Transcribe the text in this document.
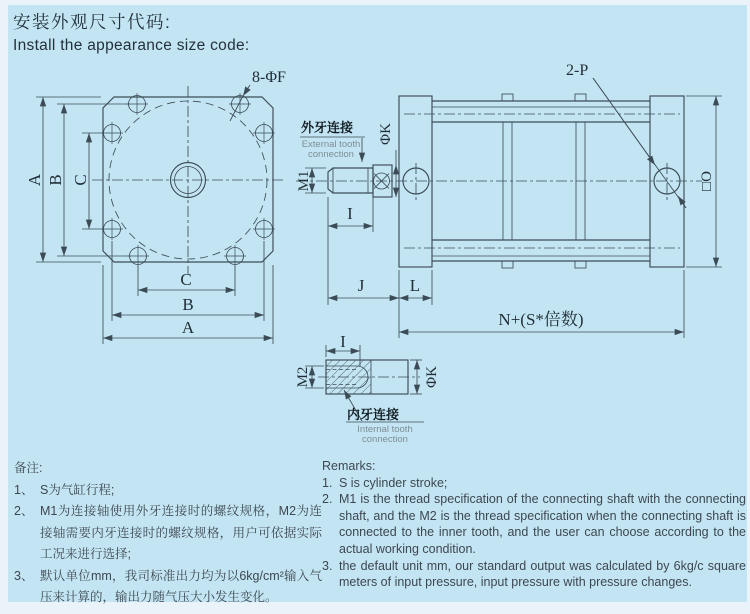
安装外观尺寸代码:
Install the appearance size code:
A B C
C
B
A
8-ΦF	2-P
外牙连接
External tooth
connection
M1
ΦK
I
J	L
N+(S*倍数)
□O
I
M2	ΦK
内牙连接
Internal tooth
connection
备注:
1、 S为气缸行程;
2、 M1为连接轴使用外牙连接时的螺纹规格，M2为连接轴需要内牙连接时的螺纹规格，用户可依据实际工况来进行选择;
3、 默认单位mm，我司标准出力均为以6kg/cm²输入气压来计算的，输出力随气压大小发生变化。
Remarks:
1. S is cylinder stroke;
2. M1 is the thread specification of the connecting shaft with the connecting shaft, and the M2 is the thread specification when the connecting shaft is connected to the inner tooth, and the user can choose according to the actual working condition.
3. the default unit mm, our standard output was calculated by 6kg/c square meters of input pressure, input pressure with pressure changes.
